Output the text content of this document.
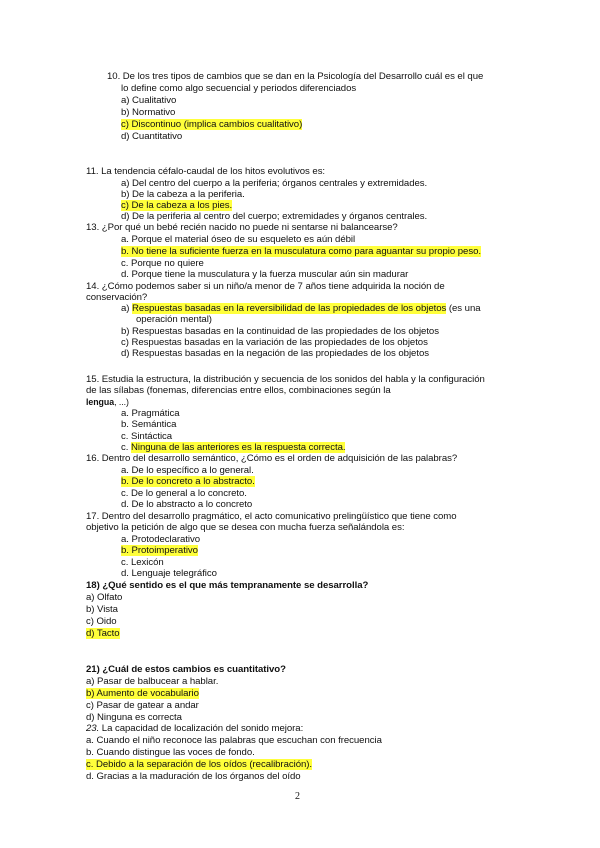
10. De los tres tipos de cambios que se dan en la Psicología del Desarrollo cuál es el que
lo define como algo secuencial y periodos diferenciados
a) Cualitativo
b) Normativo
c) Discontinuo (implica cambios cualitativo)
d) Cuantitativo
11. La tendencia céfalo-caudal de los hitos evolutivos es:
a) Del centro del cuerpo a la periferia; órganos centrales y extremidades.
b) De la cabeza a la periferia.
c) De la cabeza a los pies.
d) De la periferia al centro del cuerpo; extremidades y órganos centrales.
13. ¿Por qué un bebé recién nacido no puede ni sentarse ni balancearse?
a. Porque el material óseo de su esqueleto es aún débil
b. No tiene la suficiente fuerza en la musculatura como para aguantar su propio peso.
c. Porque no quiere
d. Porque tiene la musculatura y la fuerza muscular aún sin madurar
14. ¿Cómo podemos saber si un niño/a menor de 7 años tiene adquirida la noción de
conservación?
a) Respuestas basadas en la reversibilidad de las propiedades de los objetos (es una
operación mental)
b) Respuestas basadas en la continuidad de las propiedades de los objetos
c) Respuestas basadas en la variación de las propiedades de los objetos
d) Respuestas basadas en la negación de las propiedades de los objetos
15. Estudia la estructura, la distribución y secuencia de los sonidos del habla y la configuración
de las sílabas (fonemas, diferencias entre ellos, combinaciones según la
lengua, ...)
a. Pragmática
b. Semántica
c. Sintáctica
c. Ninguna de las anteriores es la respuesta correcta.
16. Dentro del desarrollo semántico, ¿Cómo es el orden de adquisición de las palabras?
a. De lo específico a lo general.
b. De lo concreto a lo abstracto.
c. De lo general a lo concreto.
d. De lo abstracto a lo concreto
17. Dentro del desarrollo pragmático, el acto comunicativo prelingüístico que tiene como
objetivo la petición de algo que se desea con mucha fuerza señalándola es:
a. Protodeclarativo
b. Protoimperativo
c. Lexicón
d. Lenguaje telegráfico
18) ¿Qué sentido es el que más tempranamente se desarrolla?
a) Olfato
b) Vista
c) Oido
d) Tacto
21) ¿Cuál de estos cambios es cuantitativo?
a) Pasar de balbucear a hablar.
b) Aumento de vocabulario
c) Pasar de gatear a andar
d) Ninguna es correcta
23. La capacidad de localización del sonido mejora:
a. Cuando el niño reconoce las palabras que escuchan con frecuencia
b. Cuando distingue las voces de fondo.
c. Debido a la separación de los oídos (recalibración).
d. Gracias a la maduración de los órganos del oído
2
